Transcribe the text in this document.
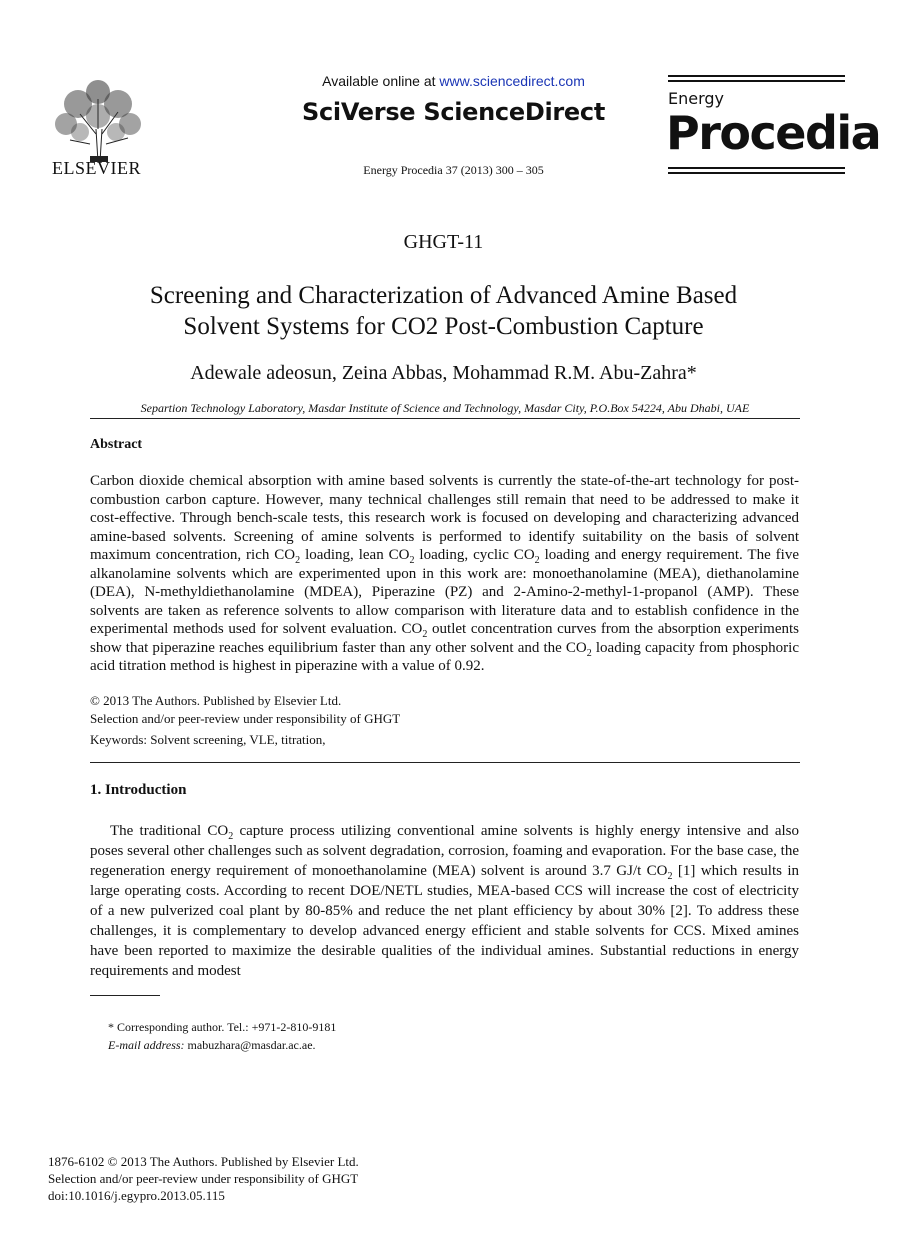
ELSEVIER
Available online at www.sciencedirect.com
SciVerse ScienceDirect
Energy Procedia 37 (2013) 300 – 305
Energy
Procedia
GHGT-11
Screening and Characterization of Advanced Amine Based
Solvent Systems for CO2 Post-Combustion Capture
Adewale adeosun, Zeina Abbas, Mohammad R.M. Abu-Zahra*
Separtion Technology Laboratory, Masdar Institute of Science and Technology, Masdar City, P.O.Box 54224, Abu Dhabi, UAE
Abstract
Carbon dioxide chemical absorption with amine based solvents is currently the state-of-the-art technology for post-combustion carbon capture. However, many technical challenges still remain that need to be addressed to make it cost-effective. Through bench-scale tests, this research work is focused on developing and characterizing advanced amine-based solvents. Screening of amine solvents is performed to identify suitability on the basis of solvent maximum concentration, rich $CO_2$ loading, lean $CO_2$ loading, cyclic $CO_2$ loading and energy requirement. The five alkanolamine solvents which are experimented upon in this work are: monoethanolamine (MEA), diethanolamine (DEA), N-methyldiethanolamine (MDEA), Piperazine (PZ) and 2-Amino-2-methyl-1-propanol (AMP). These solvents are taken as reference solvents to allow comparison with literature data and to establish confidence in the experimental methods used for solvent evaluation. $CO_2$ outlet concentration curves from the absorption experiments show that piperazine reaches equilibrium faster than any other solvent and the $CO_2$ loading capacity from phosphoric acid titration method is highest in piperazine with a value of 0.92.
© 2013 The Authors. Published by Elsevier Ltd.
Selection and/or peer-review under responsibility of GHGT
Keywords: Solvent screening, VLE, titration,
1. Introduction
The traditional $CO_2$ capture process utilizing conventional amine solvents is highly energy intensive and also poses several other challenges such as solvent degradation, corrosion, foaming and evaporation. For the base case, the regeneration energy requirement of monoethanolamine (MEA) solvent is around 3.7 GJ/t $CO_2$ [1] which results in large operating costs. According to recent DOE/NETL studies, MEA-based CCS will increase the cost of electricity of a new pulverized coal plant by 80-85% and reduce the net plant efficiency by about 30% [2]. To address these challenges, it is complementary to develop advanced energy efficient and stable solvents for CCS. Mixed amines have been reported to maximize the desirable qualities of the individual amines. Substantial reductions in energy requirements and modest
* Corresponding author. Tel.: +971-2-810-9181
E-mail address: mabuzhara@masdar.ac.ae.
1876-6102 © 2013 The Authors. Published by Elsevier Ltd.
Selection and/or peer-review under responsibility of GHGT
doi:10.1016/j.egypro.2013.05.115
